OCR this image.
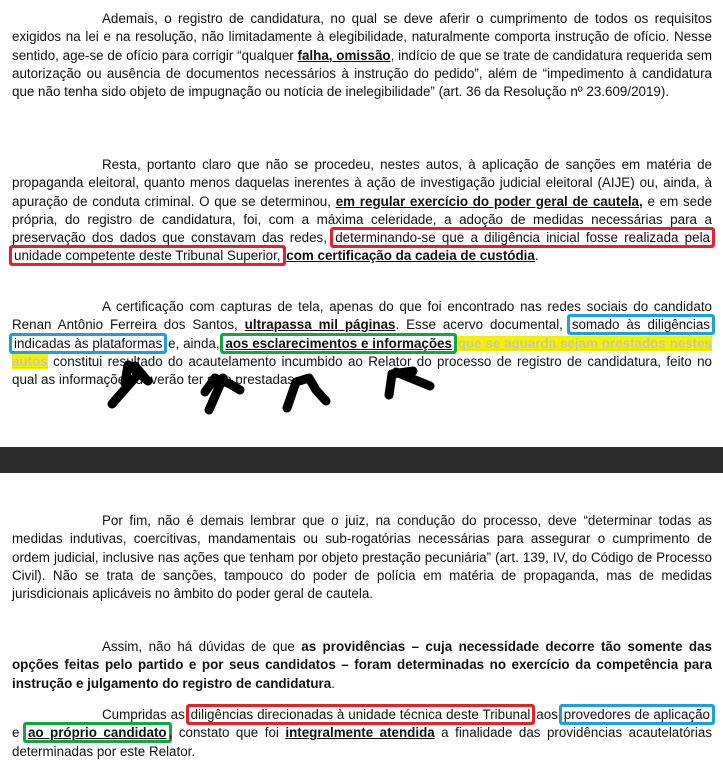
Ademais, o registro de candidatura, no qual se deve aferir o cumprimento de todos os requisitos exigidos na lei e na resolução, não limitadamente à elegibilidade, naturalmente comporta instrução de ofício. Nesse sentido, age-se de ofício para corrigir “qualquer falha, omissão, indício de que se trate de candidatura requerida sem autorização ou ausência de documentos necessários à instrução do pedido”, além de “impedimento à candidatura que não tenha sido objeto de impugnação ou notícia de inelegibilidade” (art. 36 da Resolução nº 23.609/2019).

Resta, portanto claro que não se procedeu, nestes autos, à aplicação de sanções em matéria de propaganda eleitoral, quanto menos daquelas inerentes à ação de investigação judicial eleitoral (AIJE) ou, ainda, à apuração de conduta criminal. O que se determinou, em regular exercício do poder geral de cautela, e em sede própria, do registro de candidatura, foi, com a máxima celeridade, a adoção de medidas necessárias para a preservação dos dados que constavam das redes, determinando-se que a diligência inicial fosse realizada pela unidade competente deste Tribunal Superior, com certificação da cadeia de custódia.

A certificação com capturas de tela, apenas do que foi encontrado nas redes sociais do candidato Renan Antônio Ferreira dos Santos, ultrapassa mil páginas. Esse acervo documental, somado às diligências indicadas às plataformas e, ainda, aos esclarecimentos e informações que se aguarda sejam prestados nestes autos constitui resultado do acautelamento incumbido ao Relator do processo de registro de candidatura, feito no qual as informações deverão ter sido prestadas.

Por fim, não é demais lembrar que o juiz, na condução do processo, deve “determinar todas as medidas indutivas, coercitivas, mandamentais ou sub-rogatórias necessárias para assegurar o cumprimento de ordem judicial, inclusive nas ações que tenham por objeto prestação pecuniária” (art. 139, IV, do Código de Processo Civil). Não se trata de sanções, tampouco do poder de polícia em matéria de propaganda, mas de medidas jurisdicionais aplicáveis no âmbito do poder geral de cautela.

Assim, não há dúvidas de que as providências – cuja necessidade decorre tão somente das opções feitas pelo partido e por seus candidatos – foram determinadas no exercício da competência para instrução e julgamento do registro de candidatura.

Cumpridas as diligências direcionadas à unidade técnica deste Tribunal aos provedores de aplicação e ao próprio candidato , constato que foi integralmente atendida a finalidade das providências acautelatórias determinadas por este Relator.
